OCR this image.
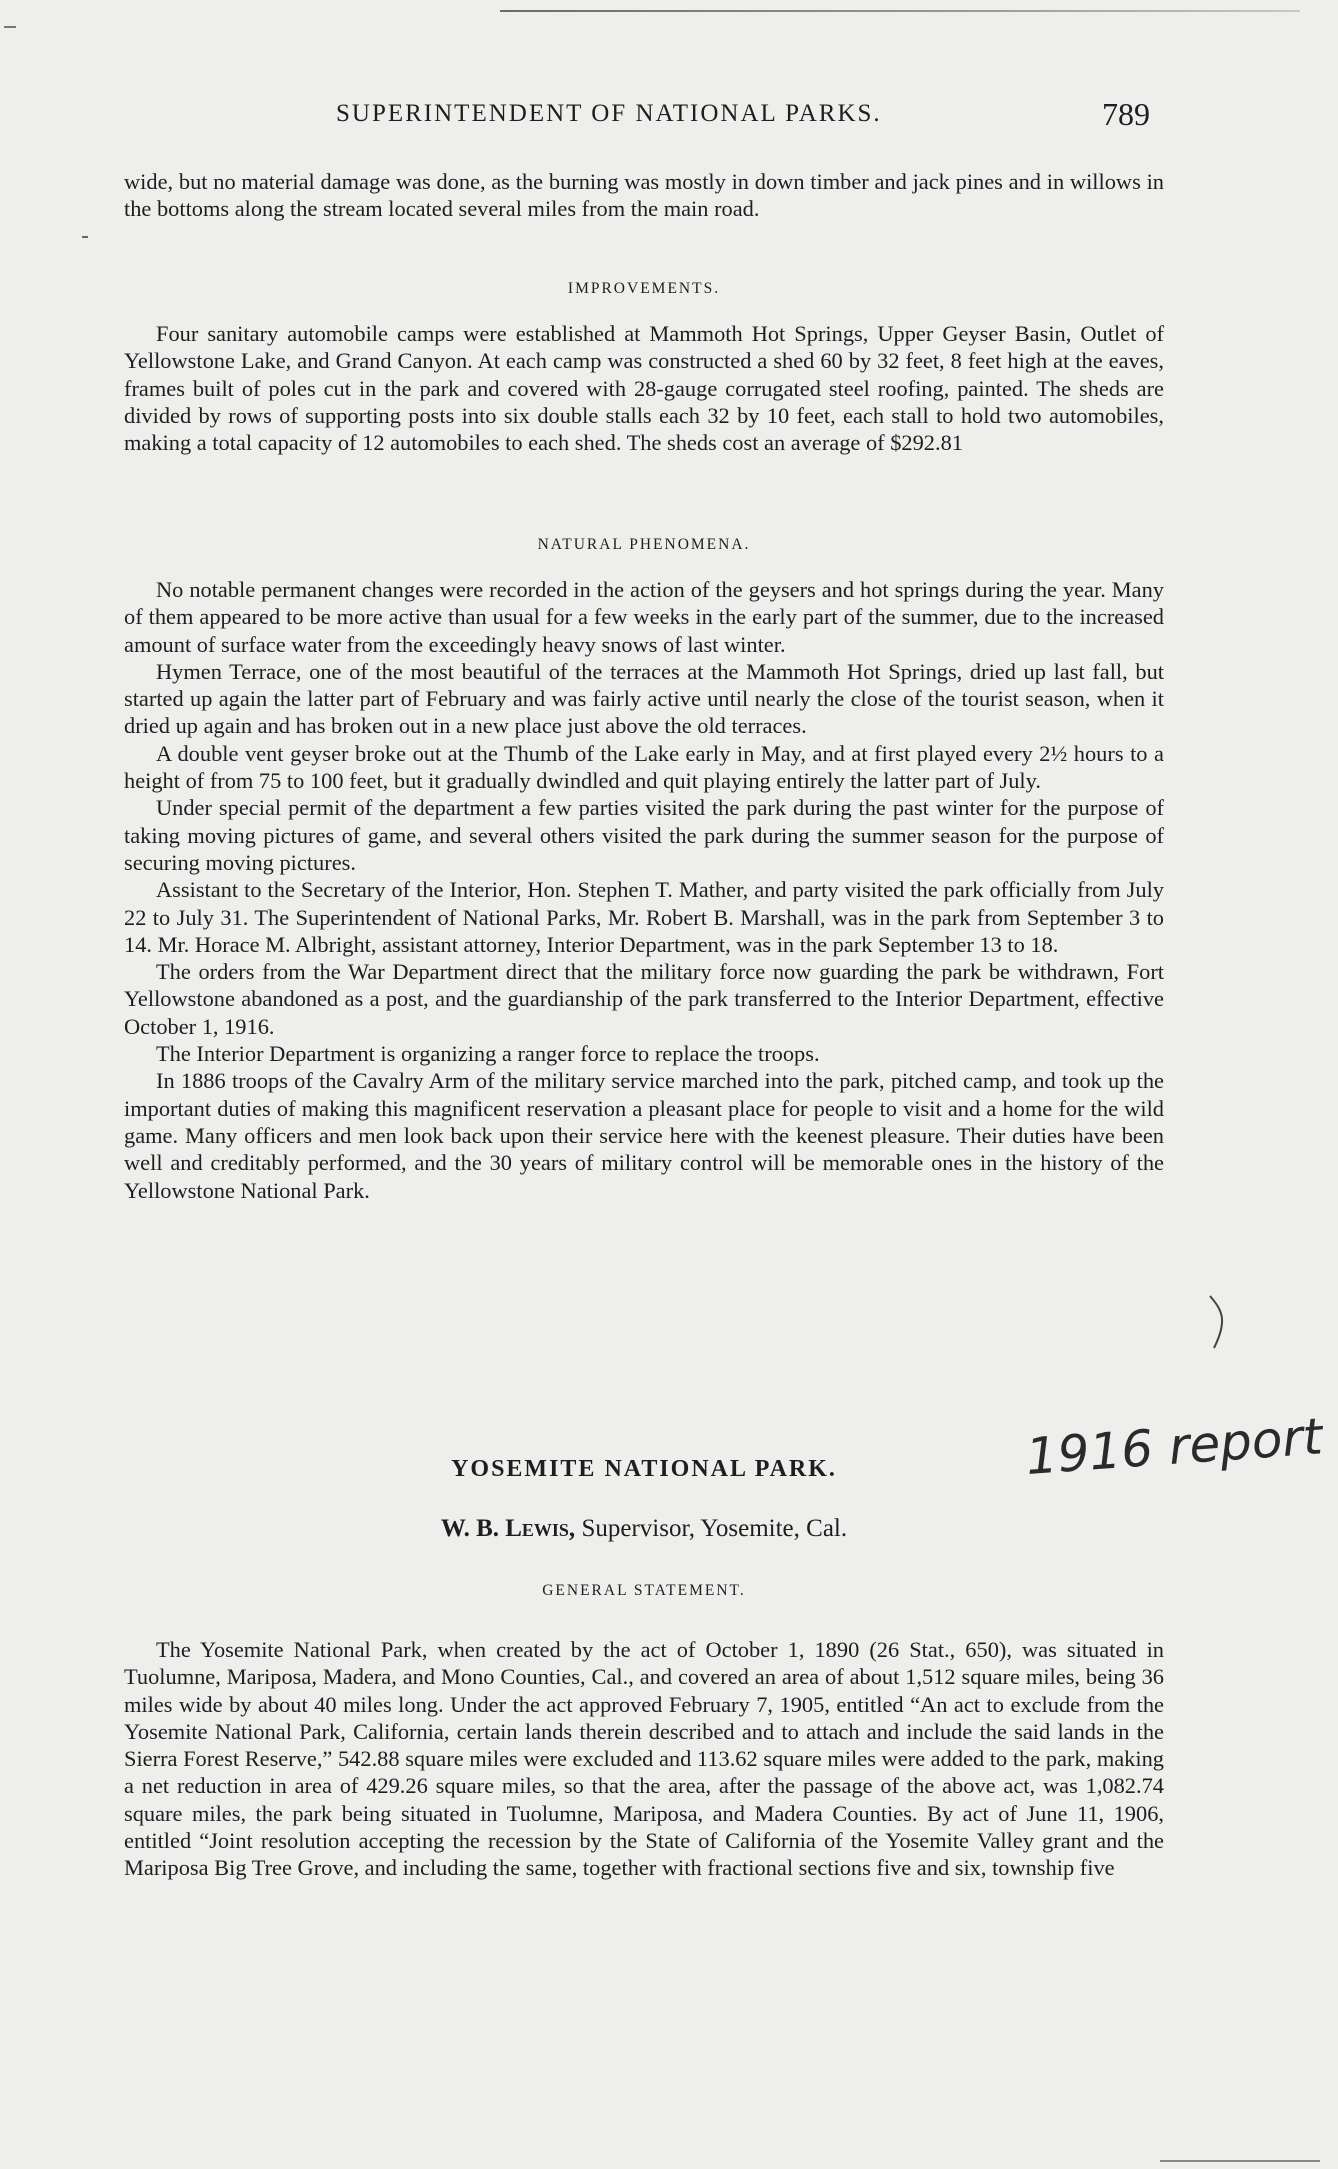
SUPERINTENDENT OF NATIONAL PARKS.	789

wide, but no material damage was done, as the burning was mostly in down timber and jack pines and in willows in the bottoms along the stream located several miles from the main road.

IMPROVEMENTS.

Four sanitary automobile camps were established at Mammoth Hot Springs, Upper Geyser Basin, Outlet of Yellowstone Lake, and Grand Canyon. At each camp was constructed a shed 60 by 32 feet, 8 feet high at the eaves, frames built of poles cut in the park and covered with 28-gauge corrugated steel roofing, painted. The sheds are divided by rows of supporting posts into six double stalls each 32 by 10 feet, each stall to hold two automobiles, making a total capacity of 12 automobiles to each shed. The sheds cost an average of $292.81

NATURAL PHENOMENA.

No notable permanent changes were recorded in the action of the geysers and hot springs during the year. Many of them appeared to be more active than usual for a few weeks in the early part of the summer, due to the increased amount of surface water from the exceedingly heavy snows of last winter.

Hymen Terrace, one of the most beautiful of the terraces at the Mammoth Hot Springs, dried up last fall, but started up again the latter part of February and was fairly active until nearly the close of the tourist season, when it dried up again and has broken out in a new place just above the old terraces.

A double vent geyser broke out at the Thumb of the Lake early in May, and at first played every 2½ hours to a height of from 75 to 100 feet, but it gradually dwindled and quit playing entirely the latter part of July.

Under special permit of the department a few parties visited the park during the past winter for the purpose of taking moving pictures of game, and several others visited the park during the summer season for the purpose of securing moving pictures.

Assistant to the Secretary of the Interior, Hon. Stephen T. Mather, and party visited the park officially from July 22 to July 31. The Superintendent of National Parks, Mr. Robert B. Marshall, was in the park from September 3 to 14. Mr. Horace M. Albright, assistant attorney, Interior Department, was in the park September 13 to 18.

The orders from the War Department direct that the military force now guarding the park be withdrawn, Fort Yellowstone abandoned as a post, and the guardianship of the park transferred to the Interior Department, effective October 1, 1916.

The Interior Department is organizing a ranger force to replace the troops.

In 1886 troops of the Cavalry Arm of the military service marched into the park, pitched camp, and took up the important duties of making this magnificent reservation a pleasant place for people to visit and a home for the wild game. Many officers and men look back upon their service here with the keenest pleasure. Their duties have been well and creditably performed, and the 30 years of military control will be memorable ones in the history of the Yellowstone National Park.

YOSEMITE NATIONAL PARK.	1916 report
W. B. Lewis, Supervisor, Yosemite, Cal.
GENERAL STATEMENT.

The Yosemite National Park, when created by the act of October 1, 1890 (26 Stat., 650), was situated in Tuolumne, Mariposa, Madera, and Mono Counties, Cal., and covered an area of about 1,512 square miles, being 36 miles wide by about 40 miles long. Under the act approved February 7, 1905, entitled “An act to exclude from the Yosemite National Park, California, certain lands therein described and to attach and include the said lands in the Sierra Forest Reserve,” 542.88 square miles were excluded and 113.62 square miles were added to the park, making a net reduction in area of 429.26 square miles, so that the area, after the passage of the above act, was 1,082.74 square miles, the park being situated in Tuolumne, Mariposa, and Madera Counties. By act of June 11, 1906, entitled “Joint resolution accepting the recession by the State of California of the Yosemite Valley grant and the Mariposa Big Tree Grove, and including the same, together with fractional sections five and six, township five
